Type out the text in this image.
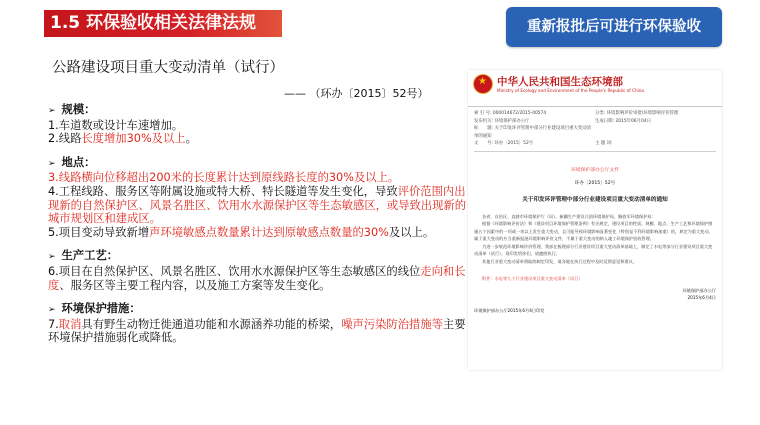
1.5 环保验收相关法律法规	重新报批后可进行环保验收
公路建设项目重大变动清单（试行）
—— （环办〔2015〕52号）
➢ 规模：
1.车道数或设计车速增加。
2.线路长度增加30%及以上。
➢ 地点：
3.线路横向位移超出200米的长度累计达到原线路长度的30%及以上。
4.工程线路、服务区等附属设施或特大桥、特长隧道等发生变化，导致评价范围内出现新的自然保护区、风景名胜区、饮用水水源保护区等生态敏感区，或导致出现新的城市规划区和建成区。
5.项目变动导致新增声环境敏感点数量累计达到原敏感点数量的30%及以上。
➢ 生产工艺：
6.项目在自然保护区、风景名胜区、饮用水水源保护区等生态敏感区的线位走向和长度、服务区等主要工程内容，以及施工方案等发生变化。
➢ 环境保护措施：
7.取消具有野生动物迁徙通道功能和水源涵养功能的桥梁，噪声污染防治措施等主要环境保护措施弱化或降低。
★
中华人民共和国生态环境部
Ministry of Ecology and Environment of the People's Republic of China
索 引 号: 000014672/2015-00574	分类: 环境影响评价审批\环境影响评价管理
发布机关: 环境保护部办公厅	生成日期: 2015年06月04日
标　　题: 关于印发环评管理中部分行业建设项目重大变动清单的通知
文　　号: 环办〔2015〕52号	主 题 词:
环境保护部办公厅文件
环办〔2015〕52号
关于印发环评管理中部分行业建设项目重大变动清单的通知

各省、自治区、直辖市环境保护厅（局），新疆生产建设兵团环境保护局，解放军环境保护局：

根据《环境影响评价法》和《建设项目环境保护管理条例》有关规定，建设项目的性质、规模、地点、生产工艺和环境保护措施五个因素中的一项或一项以上发生重大变动，且可能导致环境影响显著变化（特别是不利环境影响加重）的，界定为重大变动。属于重大变动的应当重新报批环境影响评价文件，不属于重大变动的纳入竣工环境保护验收管理。

为进一步规范环境影响评价管理，我部在梳理部分行业建设项目重大变动清单基础上，制定了水电等部分行业建设项目重大变动清单（试行），现印发给你们，请遵照执行。

其他行业重大变动清单将陆续制定印发，请各地在执行过程中及时反馈意见和建议。

附件：水电等九个行业建设项目重大变动清单（试行）

环境保护部办公厅
2015年6月4日
环境保护部办公厅2015年6月4日印发
